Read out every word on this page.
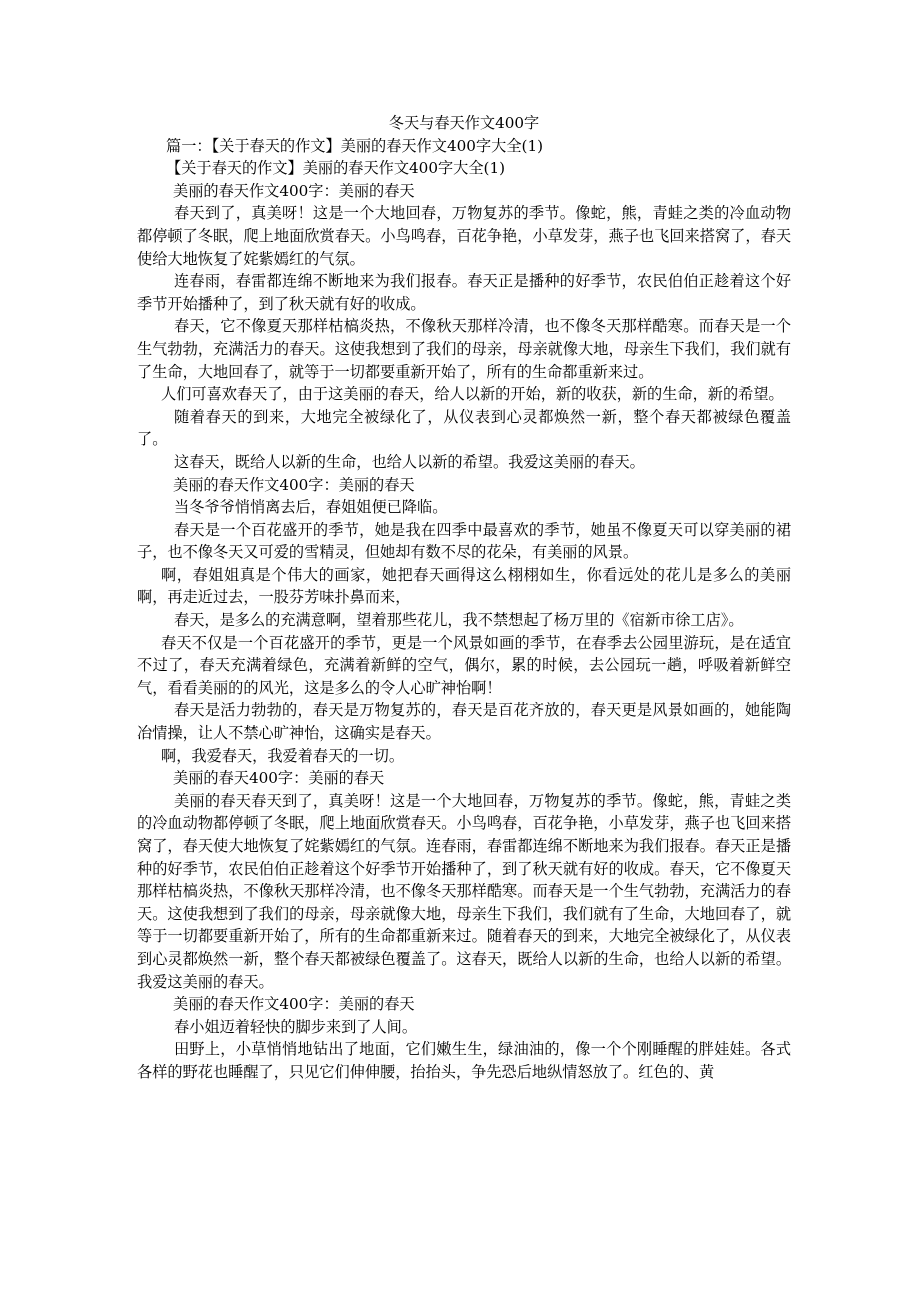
冬天与春天作文400字

篇一：【关于春天的作文】美丽的春天作文400字大全(1)

【关于春天的作文】美丽的春天作文400字大全(1)

美丽的春天作文400字：美丽的春天

春天到了，真美呀！这是一个大地回春，万物复苏的季节。像蛇，熊，青蛙之类的冷血动物都停顿了冬眠，爬上地面欣赏春天。小鸟鸣春，百花争艳，小草发芽，燕子也飞回来搭窝了，春天使给大地恢复了姹紫嫣红的气氛。

连春雨，春雷都连绵不断地来为我们报春。春天正是播种的好季节，农民伯伯正趁着这个好季节开始播种了，到了秋天就有好的收成。

春天，它不像夏天那样枯槁炎热，不像秋天那样冷清，也不像冬天那样酷寒。而春天是一个生气勃勃，充满活力的春天。这使我想到了我们的母亲，母亲就像大地，母亲生下我们，我们就有了生命，大地回春了，就等于一切都要重新开始了，所有的生命都重新来过。

人们可喜欢春天了，由于这美丽的春天，给人以新的开始，新的收获，新的生命，新的希望。

随着春天的到来，大地完全被绿化了，从仪表到心灵都焕然一新，整个春天都被绿色覆盖了。

这春天，既给人以新的生命，也给人以新的希望。我爱这美丽的春天。

美丽的春天作文400字：美丽的春天

当冬爷爷悄悄离去后，春姐姐便已降临。

春天是一个百花盛开的季节，她是我在四季中最喜欢的季节，她虽不像夏天可以穿美丽的裙子，也不像冬天又可爱的雪精灵，但她却有数不尽的花朵，有美丽的风景。

啊，春姐姐真是个伟大的画家，她把春天画得这么栩栩如生，你看远处的花儿是多么的美丽啊，再走近过去，一股芬芳味扑鼻而来，

春天，是多么的充满意啊，望着那些花儿，我不禁想起了杨万里的《宿新市徐工店》。

春天不仅是一个百花盛开的季节，更是一个风景如画的季节，在春季去公园里游玩，是在适宜不过了，春天充满着绿色，充满着新鲜的空气，偶尔，累的时候，去公园玩一趟，呼吸着新鲜空气，看看美丽的的风光，这是多么的令人心旷神怡啊！

春天是活力勃勃的，春天是万物复苏的，春天是百花齐放的，春天更是风景如画的，她能陶冶情操，让人不禁心旷神怡，这确实是春天。

啊，我爱春天，我爱着春天的一切。

美丽的春天400字：美丽的春天

美丽的春天春天到了，真美呀！这是一个大地回春，万物复苏的季节。像蛇，熊，青蛙之类的冷血动物都停顿了冬眠，爬上地面欣赏春天。小鸟鸣春，百花争艳，小草发芽，燕子也飞回来搭窝了，春天使大地恢复了姹紫嫣红的气氛。连春雨，春雷都连绵不断地来为我们报春。春天正是播种的好季节，农民伯伯正趁着这个好季节开始播种了，到了秋天就有好的收成。春天，它不像夏天那样枯槁炎热，不像秋天那样冷清，也不像冬天那样酷寒。而春天是一个生气勃勃，充满活力的春天。这使我想到了我们的母亲，母亲就像大地，母亲生下我们，我们就有了生命，大地回春了，就等于一切都要重新开始了，所有的生命都重新来过。随着春天的到来，大地完全被绿化了，从仪表到心灵都焕然一新，整个春天都被绿色覆盖了。这春天，既给人以新的生命，也给人以新的希望。我爱这美丽的春天。

美丽的春天作文400字：美丽的春天

春小姐迈着轻快的脚步来到了人间。

田野上，小草悄悄地钻出了地面，它们嫩生生，绿油油的，像一个个刚睡醒的胖娃娃。各式各样的野花也睡醒了，只见它们伸伸腰，抬抬头，争先恐后地纵情怒放了。红色的、黄
